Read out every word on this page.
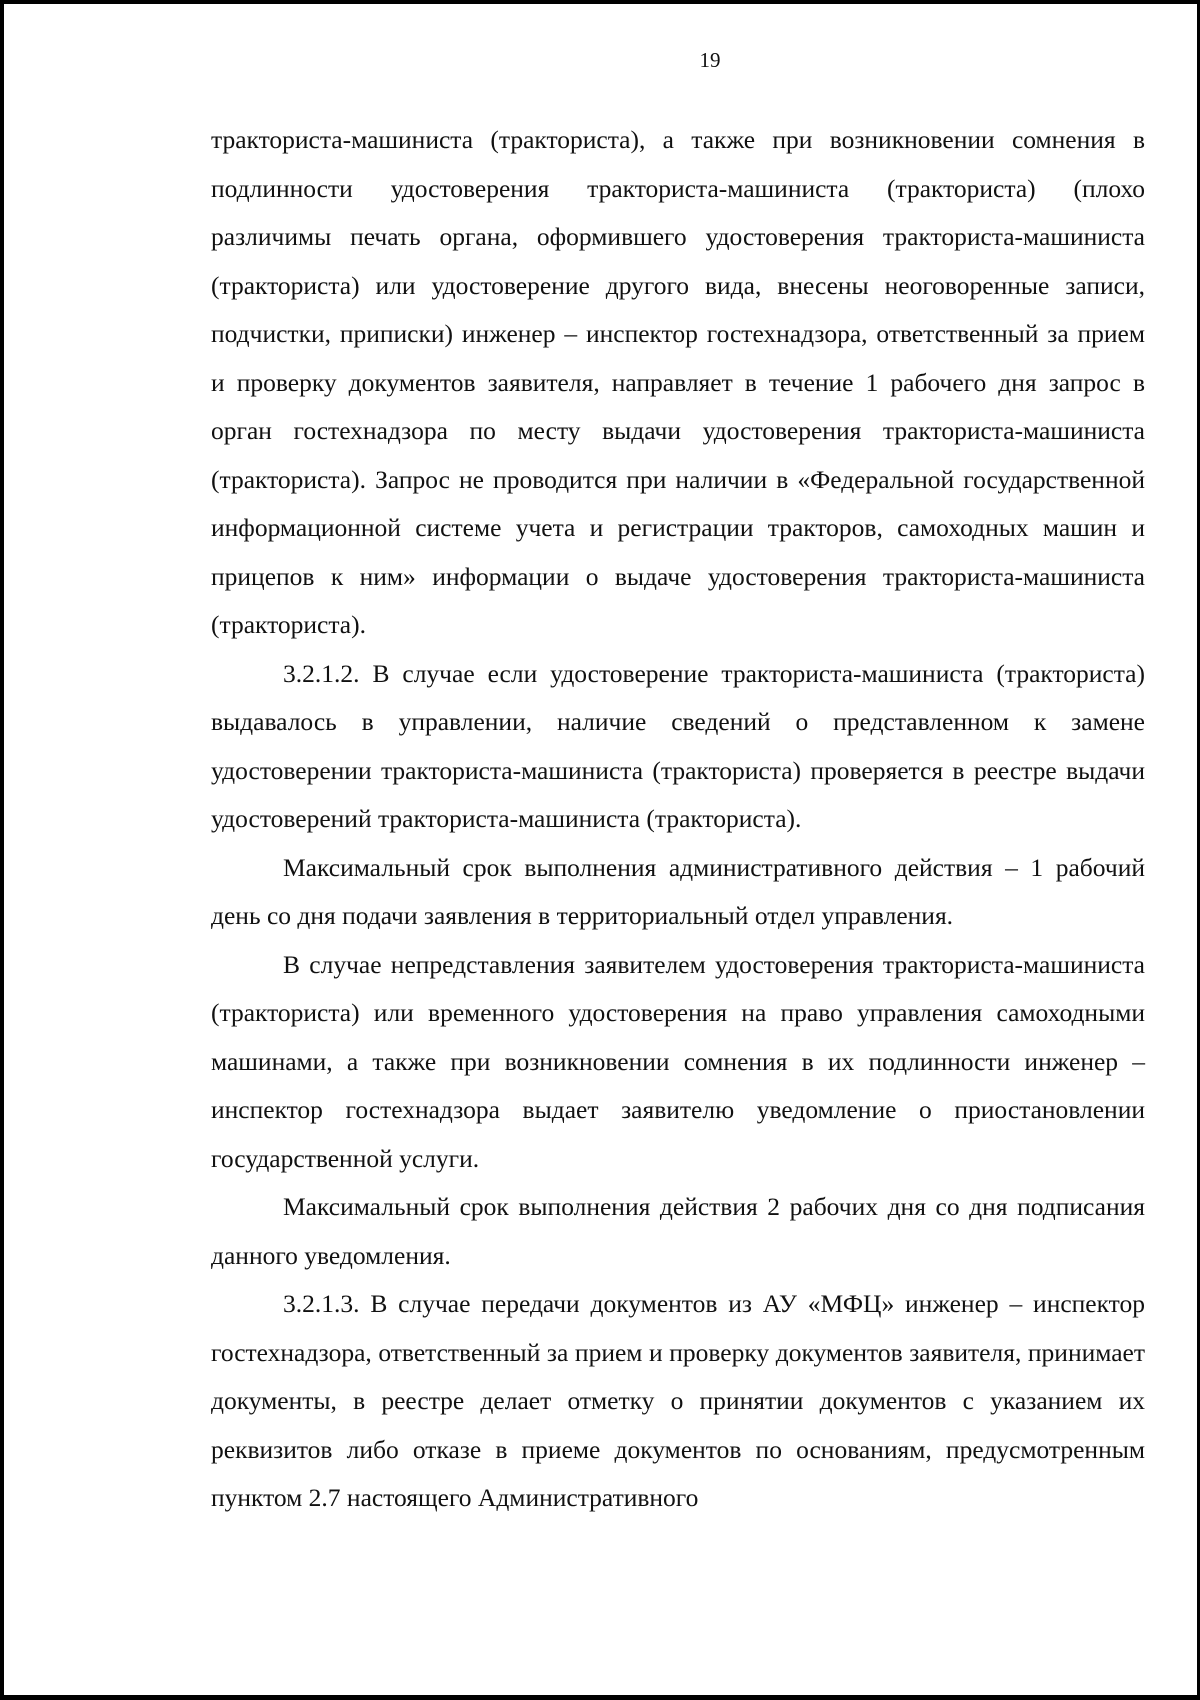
19

тракториста-машиниста (тракториста), а также при возникновении сомнения в подлинности удостоверения тракториста-машиниста (тракториста) (плохо различимы печать органа, оформившего удостоверения тракториста-машиниста (тракториста) или удостоверение другого вида, внесены неоговоренные записи, подчистки, приписки) инженер – инспектор гостехнадзора, ответственный за прием и проверку документов заявителя, направляет в течение 1 рабочего дня запрос в орган гостехнадзора по месту выдачи удостоверения тракториста-машиниста (тракториста). Запрос не проводится при наличии в «Федеральной государственной информационной системе учета и регистрации тракторов, самоходных машин и прицепов к ним» информации о выдаче удостоверения тракториста-машиниста (тракториста).

3.2.1.2. В случае если удостоверение тракториста-машиниста (тракториста) выдавалось в управлении, наличие сведений о представленном к замене удостоверении тракториста-машиниста (тракториста) проверяется в реестре выдачи удостоверений тракториста-машиниста (тракториста).

Максимальный срок выполнения административного действия – 1 рабочий день со дня подачи заявления в территориальный отдел управления.

В случае непредставления заявителем удостоверения тракториста-машиниста (тракториста) или временного удостоверения на право управления самоходными машинами, а также при возникновении сомнения в их подлинности инженер – инспектор гостехнадзора выдает заявителю уведомление о приостановлении государственной услуги.

Максимальный срок выполнения действия 2 рабочих дня со дня подписания данного уведомления.

3.2.1.3. В случае передачи документов из АУ «МФЦ» инженер – инспектор гостехнадзора, ответственный за прием и проверку документов заявителя, принимает документы, в реестре делает отметку о принятии документов с указанием их реквизитов либо отказе в приеме документов по основаниям, предусмотренным пунктом 2.7 настоящего Административного
